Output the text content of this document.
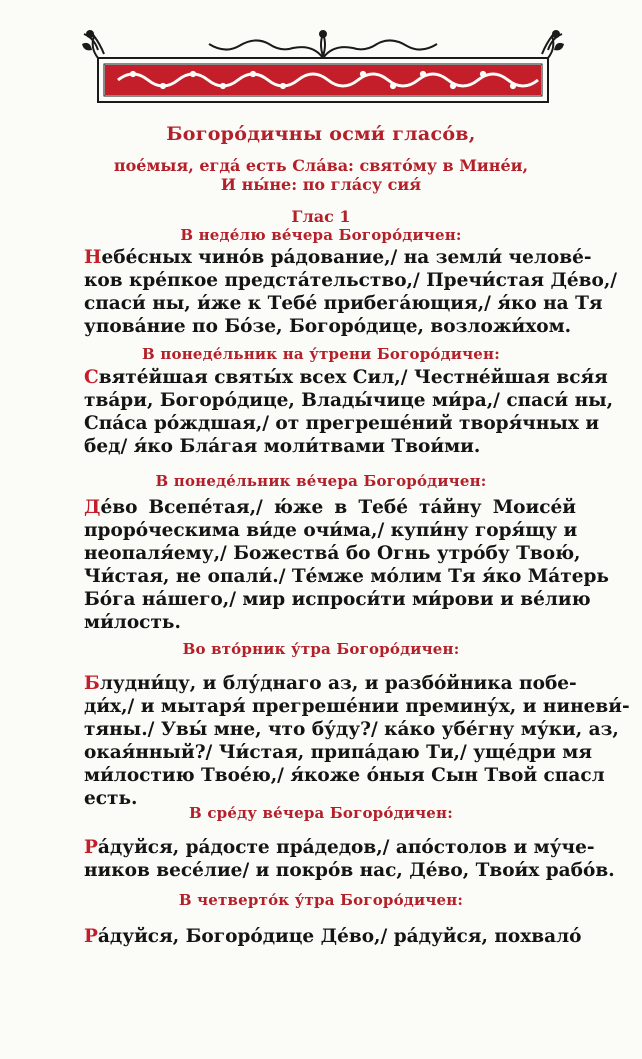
Богоро́дичны осми́ гласо́в,
пое́мыя, егда́ есть Сла́ва: свято́му в Мине́и,
И ны́не: по гла́су сия́
Глас 1
В неде́лю ве́чера Богоро́дичен:
Небе́сных чино́в ра́дование,/ на земли́ челове́-
ков кре́пкое предста́тельство,/ Пречи́стая Де́во,/
спаси́ ны, и́же к Тебе́ прибега́ющия,/ я́ко на Тя
упова́ние по Бо́зе, Богоро́дице, возложи́хом.
В понеде́льник на у́трени Богоро́дичен:
Святе́йшая святы́х всех Сил,/ Честне́йшая вся́я
тва́ри, Богоро́дице, Влады́чице ми́ра,/ спаси́ ны,
Спа́са ро́ждшая,/ от прегреше́ний творя́чных и
бед/ я́ко Бла́гая моли́твами Твои́ми.
В понеде́льник ве́чера Богоро́дичен:
Де́во Всепе́тая,/ ю́же в Тебе́ та́йну Моисе́й
проро́ческима ви́де очи́ма,/ купи́ну горя́щу и
неопаля́ему,/ Божества́ бо Огнь утро́бу Твою́,
Чи́стая, не опали́./ Те́мже мо́лим Тя я́ко Ма́терь
Бо́га на́шего,/ мир испроси́ти ми́рови и ве́лию
ми́лость.
Во вто́рник у́тра Богоро́дичен:
Блудни́цу, и блу́днаго аз, и разбо́йника побе-
ди́х,/ и мытаря́ прегреше́нии премину́х, и ниневи́-
тяны./ Увы́ мне, что бу́ду?/ ка́ко убе́гну му́ки, аз,
окая́нный?/ Чи́стая, припа́даю Ти,/ уще́дри мя
ми́лостию Твое́ю,/ я́коже о́ныя Сын Твой спасл
есть.
В сре́ду ве́чера Богоро́дичен:
Ра́дуйся, ра́досте пра́дедов,/ апо́столов и му́че-
ников весе́лие/ и покро́в нас, Де́во, Твои́х рабо́в.
В четверто́к у́тра Богоро́дичен:
Ра́дуйся, Богоро́дице Де́во,/ ра́дуйся, похвало́
